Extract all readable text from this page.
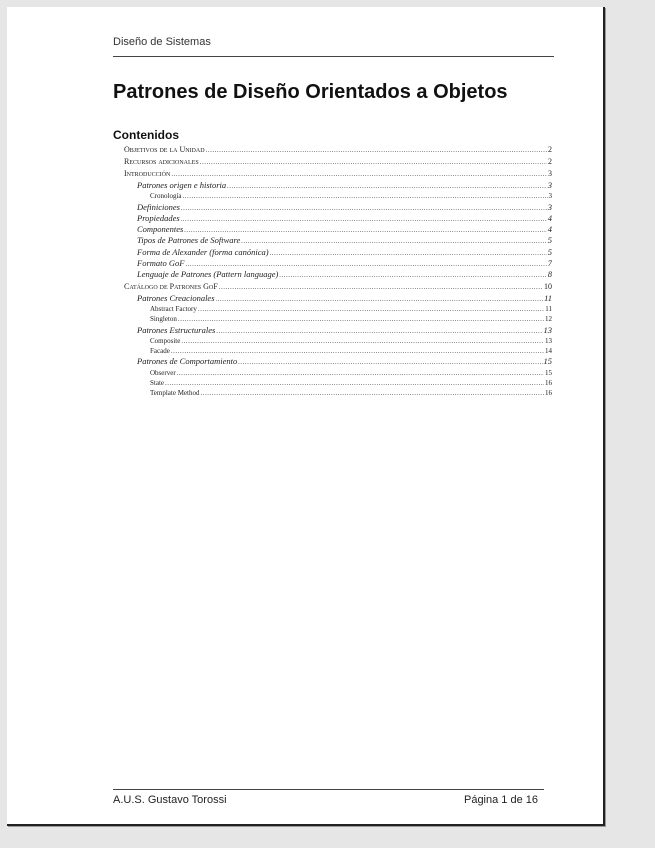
Diseño de Sistemas
Patrones de Diseño Orientados a Objetos
Contenidos
Objetivos de la Unidad .....	2
Recursos adicionales .....	2
Introducción .....	3
Patrones origen e historia .....	3
Cronología .....	3
Definiciones .....	3
Propiedades .....	4
Componentes .....	4
Tipos de Patrones de Software .....	5
Forma de Alexander (forma canónica) .....	5
Formato GoF .....	7
Lenguaje de Patrones (Pattern language) .....	8
Catálogo de Patrones GoF .....	10
Patrones Creacionales .....	11
Abstract Factory .....	11
Singleton .....	12
Patrones Estructurales .....	13
Composite .....	13
Facade .....	14
Patrones de Comportamiento .....	15
Observer .....	15
State .....	16
Template Method .....	16
A.U.S. Gustavo Torossi	Página 1 de 16
